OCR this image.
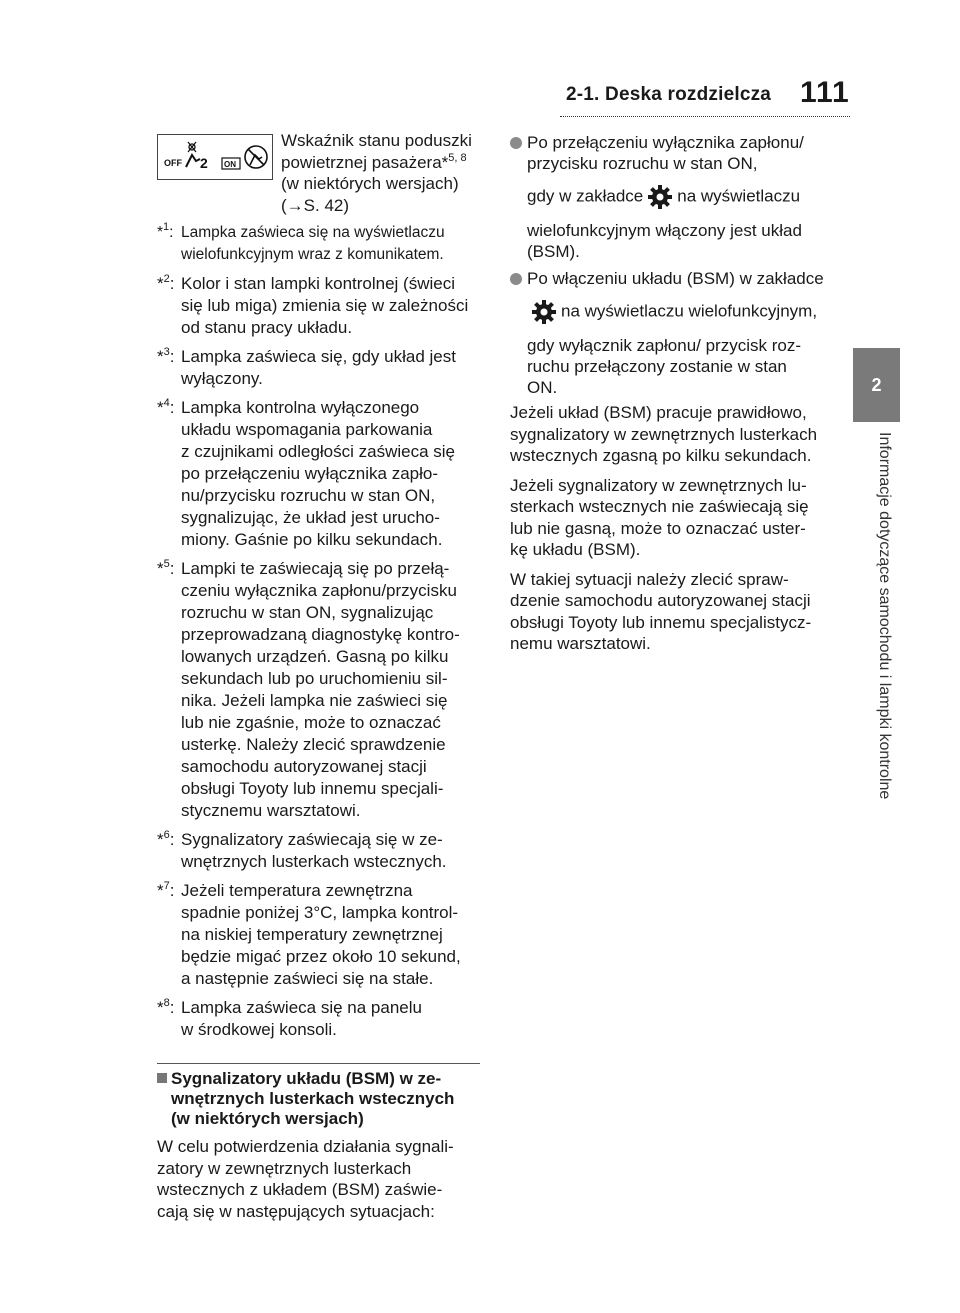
2-1. Deska rozdzielcza 111
2
Informacje dotyczące samochodu i lampki kontrolne
OFF 2 ON
Wskaźnik stanu poduszki
powietrznej pasażera*$^{5, 8}$
(w niektórych wersjach)
(→S. 42)
*$^1$: Lampka zaświeca się na wyświetlaczu
wielofunkcyjnym wraz z komunikatem.
*$^2$: Kolor i stan lampki kontrolnej (świeci
się lub miga) zmienia się w zależności
od stanu pracy układu.
*$^3$: Lampka zaświeca się, gdy układ jest
wyłączony.
*$^4$: Lampka kontrolna wyłączonego
układu wspomagania parkowania
z czujnikami odległości zaświeca się
po przełączeniu wyłącznika zapło-
nu/przycisku rozruchu w stan ON,
sygnalizując, że układ jest urucho-
miony. Gaśnie po kilku sekundach.
*$^5$: Lampki te zaświecają się po przełą-
czeniu wyłącznika zapłonu/przycisku
rozruchu w stan ON, sygnalizując
przeprowadzaną diagnostykę kontro-
lowanych urządzeń. Gasną po kilku
sekundach lub po uruchomieniu sil-
nika. Jeżeli lampka nie zaświeci się
lub nie zgaśnie, może to oznaczać
usterkę. Należy zlecić sprawdzenie
samochodu autoryzowanej stacji
obsługi Toyoty lub innemu specjali-
stycznemu warsztatowi.
*$^6$: Sygnalizatory zaświecają się w ze-
wnętrznych lusterkach wstecznych.
*$^7$: Jeżeli temperatura zewnętrzna
spadnie poniżej 3°C, lampka kontrol-
na niskiej temperatury zewnętrznej
będzie migać przez około 10 sekund,
a następnie zaświeci się na stałe.
*$^8$: Lampka zaświeca się na panelu
w środkowej konsoli.
Sygnalizatory układu (BSM) w ze-
wnętrznych lusterkach wstecznych
(w niektórych wersjach)
W celu potwierdzenia działania sygnali-
zatory w zewnętrznych lusterkach
wstecznych z układem (BSM) zaświe-
cają się w następujących sytuacjach:
Po przełączeniu wyłącznika zapłonu/
przycisku rozruchu w stan ON,
gdy w zakładce na wyświetlaczu
wielofunkcyjnym włączony jest układ
(BSM).
Po włączeniu układu (BSM) w zakładce
na wyświetlaczu wielofunkcyjnym,
gdy wyłącznik zapłonu/ przycisk roz-
ruchu przełączony zostanie w stan
ON.
Jeżeli układ (BSM) pracuje prawidłowo,
sygnalizatory w zewnętrznych lusterkach
wstecznych zgasną po kilku sekundach.
Jeżeli sygnalizatory w zewnętrznych lu-
sterkach wstecznych nie zaświecają się
lub nie gasną, może to oznaczać uster-
kę układu (BSM).
W takiej sytuacji należy zlecić spraw-
dzenie samochodu autoryzowanej stacji
obsługi Toyoty lub innemu specjalistycz-
nemu warsztatowi.
